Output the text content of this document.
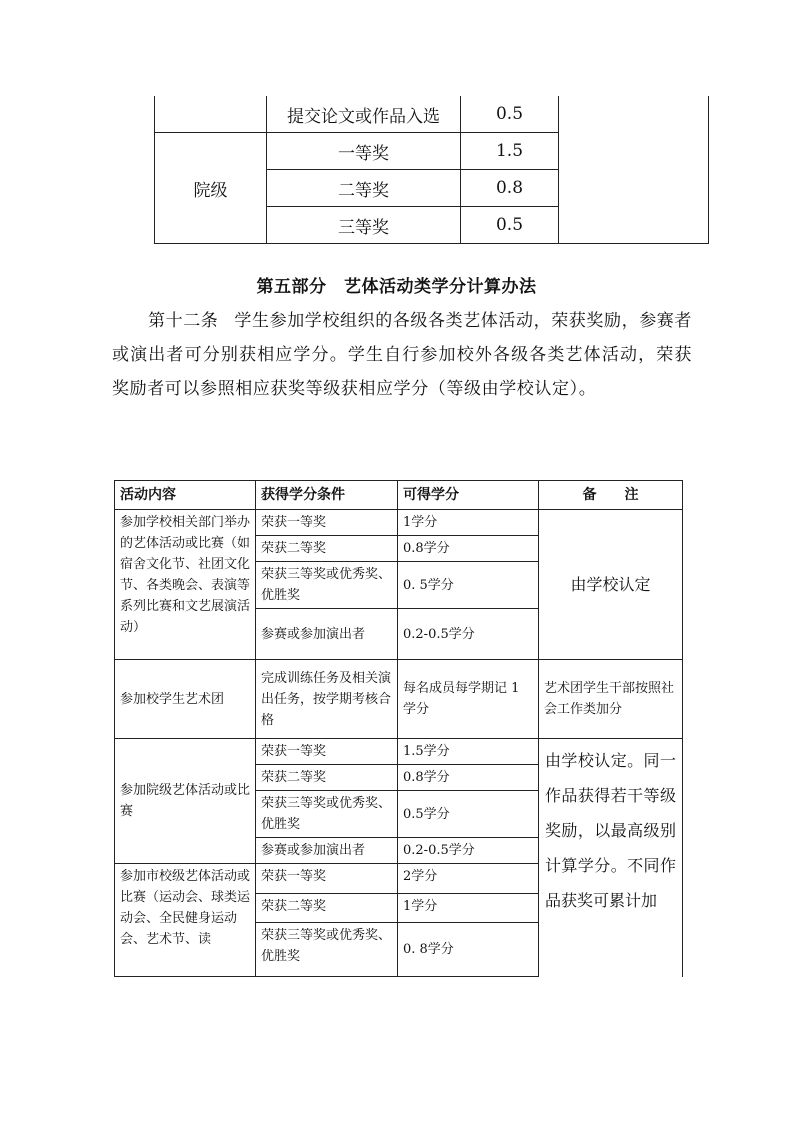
	提交论文或作品入选	0.5	
院级	一等奖	1.5	
	二等奖	0.8	
	三等奖	0.5	
第五部分　艺体活动类学分计算办法
第十二条 学生参加学校组织的各级各类艺体活动，荣获奖励，参赛者或演出者可分别获相应学分。学生自行参加校外各级各类艺体活动，荣获奖励者可以参照相应获奖等级获相应学分（等级由学校认定）。
活动内容	获得学分条件	可得学分	备　　注
参加学校相关部门举办的艺体活动或比赛（如宿舍文化节、社团文化节、各类晚会、表演等系列比赛和文艺展演活动）	荣获一等奖	1学分	由学校认定
	荣获二等奖	0.8学分	
	荣获三等奖或优秀奖、优胜奖	0. 5学分	
	参赛或参加演出者	0.2-0.5学分	
参加校学生艺术团	完成训练任务及相关演出任务，按学期考核合格	每名成员每学期记 1 学分	艺术团学生干部按照社会工作类加分
参加院级艺体活动或比赛	荣获一等奖	1.5学分	由学校认定。同一作品获得若干等级奖励，以最高级别计算学分。不同作品获奖可累计加
	荣获二等奖	0.8学分	
	荣获三等奖或优秀奖、优胜奖	0.5学分	
	参赛或参加演出者	0.2-0.5学分	
参加市校级艺体活动或比赛（运动会、球类运动会、全民健身运动会、艺术节、读	荣获一等奖	2学分	
	荣获二等奖	1学分	
	荣获三等奖或优秀奖、优胜奖	0. 8学分	
